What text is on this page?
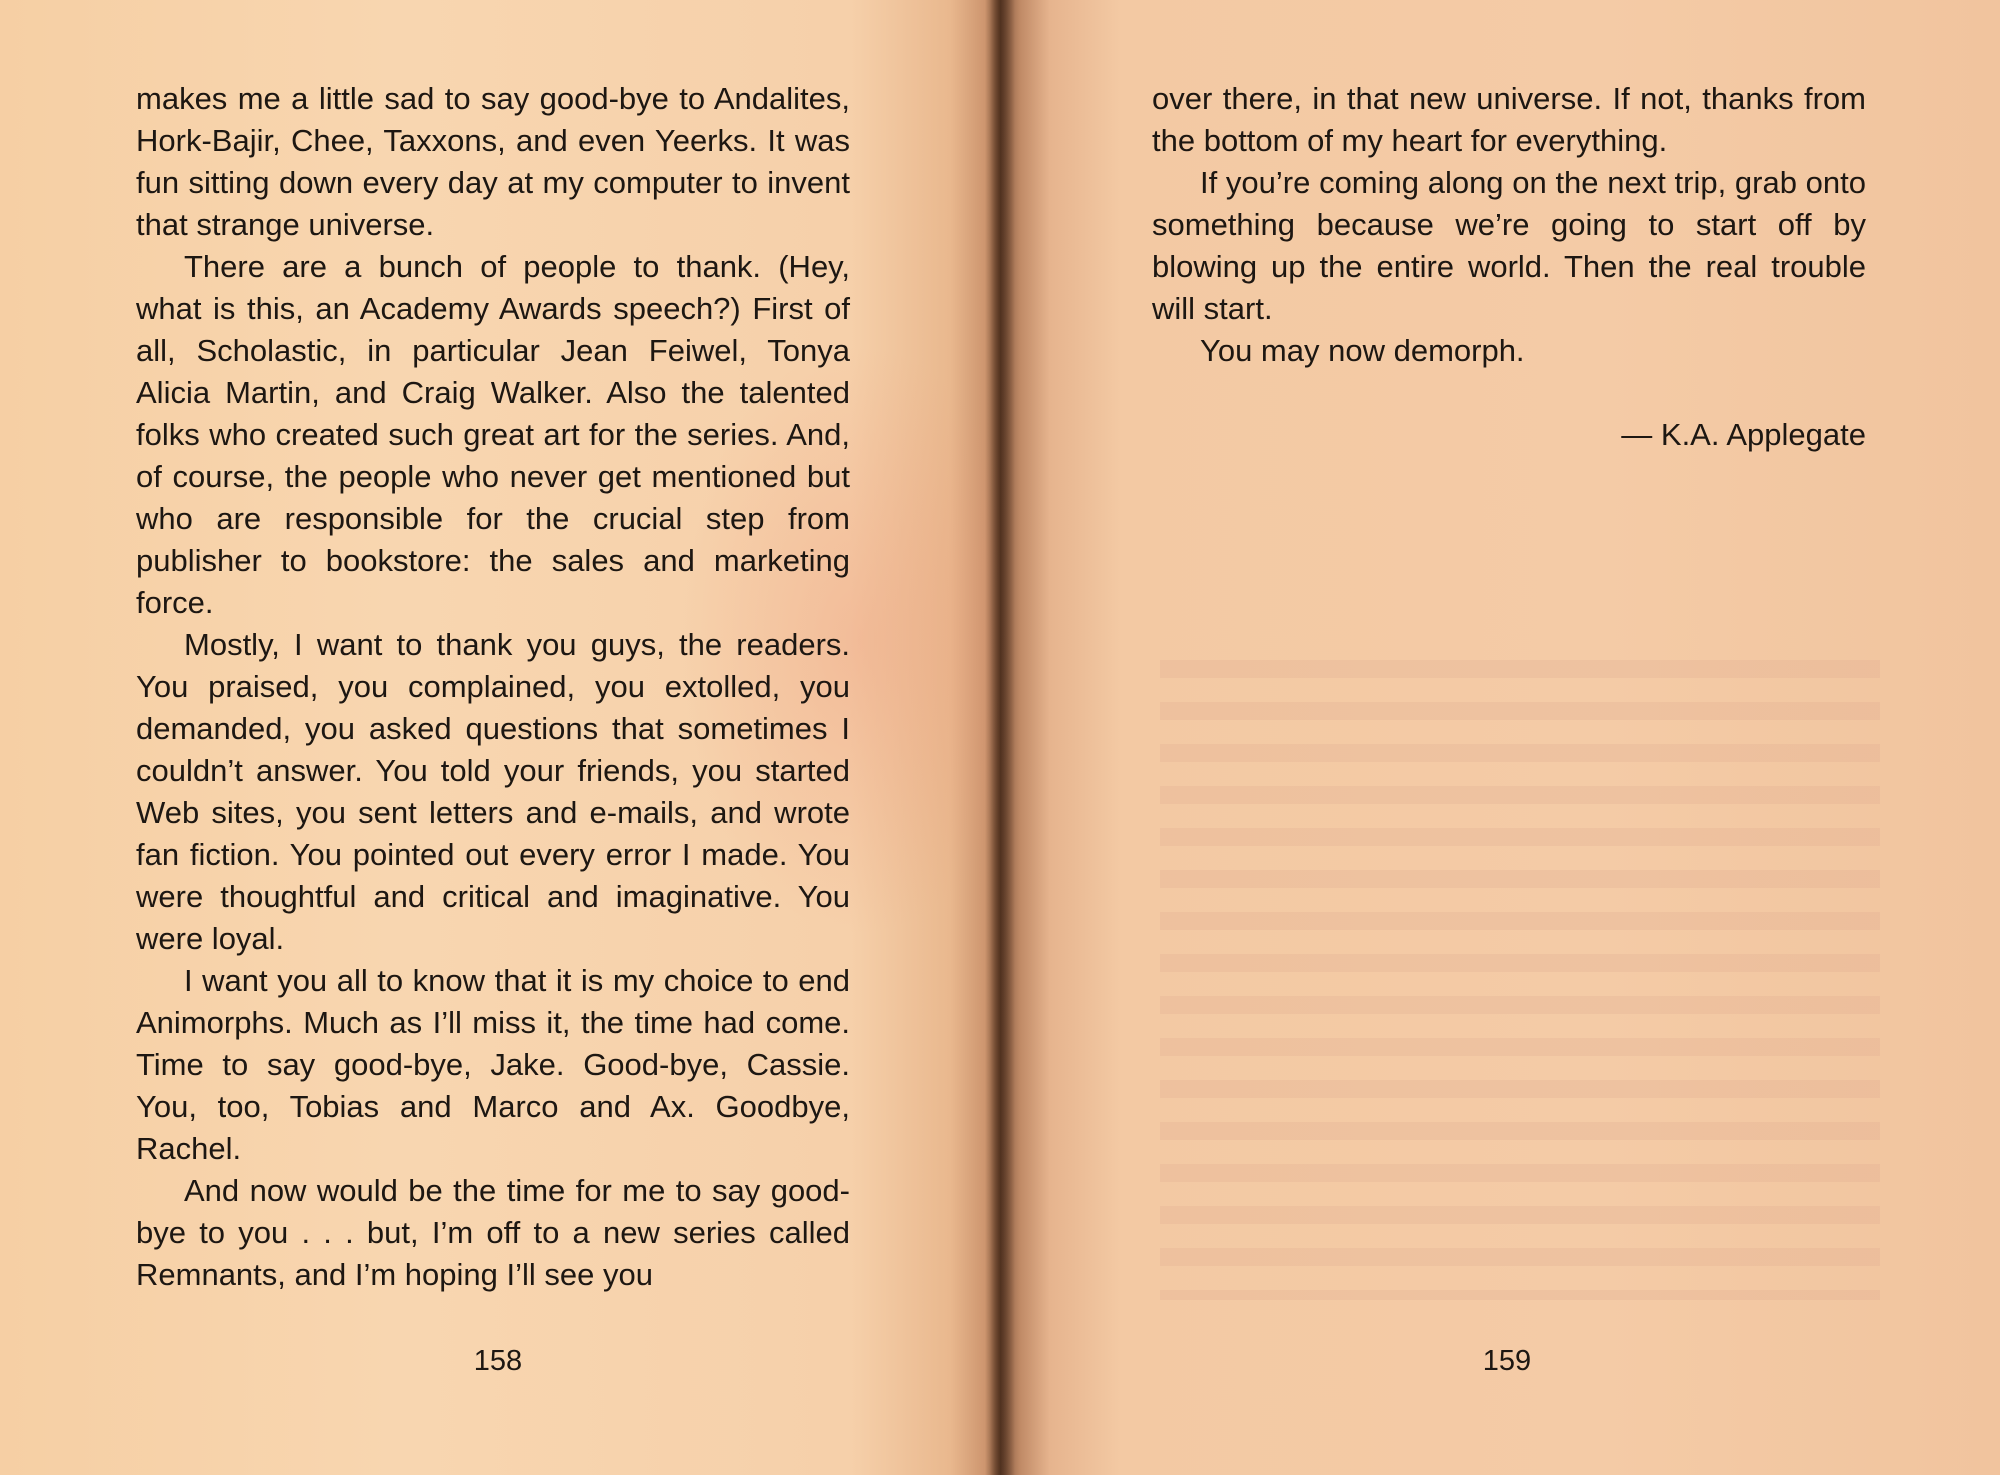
makes me a little sad to say good-bye to Andalites, Hork-Bajir, Chee, Taxxons, and even Yeerks. It was fun sitting down every day at my computer to invent that strange universe.

There are a bunch of people to thank. (Hey, what is this, an Academy Awards speech?) First of all, Scholastic, in particular Jean Feiwel, Tonya Alicia Martin, and Craig Walker. Also the talented folks who created such great art for the series. And, of course, the people who never get mentioned but who are responsible for the crucial step from publisher to bookstore: the sales and marketing force.

Mostly, I want to thank you guys, the readers. You praised, you complained, you extolled, you demanded, you asked questions that sometimes I couldn’t answer. You told your friends, you started Web sites, you sent letters and e-mails, and wrote fan fiction. You pointed out every error I made. You were thoughtful and critical and imaginative. You were loyal.

I want you all to know that it is my choice to end Animorphs. Much as I’ll miss it, the time had come. Time to say good-bye, Jake. Good-bye, Cassie. You, too, Tobias and Marco and Ax. Goodbye, Rachel.

And now would be the time for me to say good-bye to you . . . but, I’m off to a new series called Remnants, and I’m hoping I’ll see you

158

over there, in that new universe. If not, thanks from the bottom of my heart for everything.

If you’re coming along on the next trip, grab onto something because we’re going to start off by blowing up the entire world. Then the real trouble will start.

You may now demorph.

— K.A. Applegate
159
